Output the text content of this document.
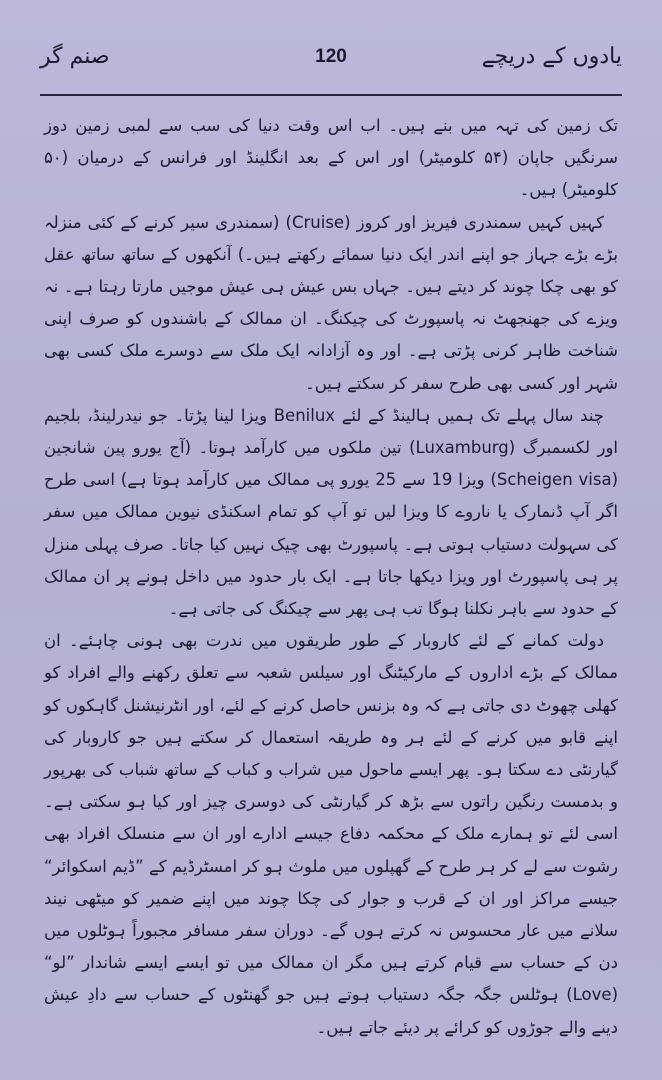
صنم گر	120	یادوں کے دریچے

تک زمین کی تہہ میں بنے ہیں۔ اب اس وقت دنیا کی سب سے لمبی زمین دوز سرنگیں جاپان (۵۴ کلومیٹر) اور اس کے بعد انگلینڈ اور فرانس کے درمیان (۵۰ کلومیٹر) ہیں۔

کہیں کہیں سمندری فیریز اور کروز (Cruise) (سمندری سیر کرنے کے کئی منزلہ بڑے بڑے جہاز جو اپنے اندر ایک دنیا سمائے رکھتے ہیں۔) آنکھوں کے ساتھ ساتھ عقل کو بھی چکا چوند کر دیتے ہیں۔ جہاں بس عیش ہی عیش موجیں مارتا رہتا ہے۔ نہ ویزے کی جھنجھٹ نہ پاسپورٹ کی چیکنگ۔ ان ممالک کے باشندوں کو صرف اپنی شناخت ظاہر کرنی پڑتی ہے۔ اور وہ آزادانہ ایک ملک سے دوسرے ملک کسی بھی شہر اور کسی بھی طرح سفر کر سکتے ہیں۔

چند سال پہلے تک ہمیں ہالینڈ کے لئے Benilux ویزا لینا پڑتا۔ جو نیدرلینڈ، بلجیم اور لکسمبرگ (Luxamburg) تین ملکوں میں کارآمد ہوتا۔ (آج یورو پین شانجین (Scheigen visa) ویزا 19 سے 25 یورو پی ممالک میں کارآمد ہوتا ہے) اسی طرح اگر آپ ڈنمارک یا ناروے کا ویزا لیں تو آپ کو تمام اسکنڈی نیوین ممالک میں سفر کی سہولت دستیاب ہوتی ہے۔ پاسپورٹ بھی چیک نہیں کیا جاتا۔ صرف پہلی منزل پر ہی پاسپورٹ اور ویزا دیکھا جاتا ہے۔ ایک بار حدود میں داخل ہونے پر ان ممالک کے حدود سے باہر نکلنا ہوگا تب ہی پھر سے چیکنگ کی جاتی ہے۔

دولت کمانے کے لئے کاروبار کے طور طریقوں میں ندرت بھی ہونی چاہئے۔ ان ممالک کے بڑے اداروں کے مارکیٹنگ اور سیلس شعبہ سے تعلق رکھنے والے افراد کو کھلی چھوٹ دی جاتی ہے کہ وہ بزنس حاصل کرنے کے لئے، اور انٹرنیشنل گاہکوں کو اپنے قابو میں کرنے کے لئے ہر وہ طریقہ استعمال کر سکتے ہیں جو کاروبار کی گیارنٹی دے سکتا ہو۔ پھر ایسے ماحول میں شراب و کباب کے ساتھ شباب کی بھرپور و بدمست رنگین راتوں سے بڑھ کر گیارنٹی کی دوسری چیز اور کیا ہو سکتی ہے۔ اسی لئے تو ہمارے ملک کے محکمہ دفاع جیسے ادارے اور ان سے منسلک افراد بھی رشوت سے لے کر ہر طرح کے گھپلوں میں ملوث ہو کر امسٹرڈیم کے ”ڈیم اسکوائر“ جیسے مراکز اور ان کے قرب و جوار کی چکا چوند میں اپنے ضمیر کو میٹھی نیند سلانے میں عار محسوس نہ کرتے ہوں گے۔ دوران سفر مسافر مجبوراً ہوٹلوں میں دن کے حساب سے قیام کرتے ہیں مگر ان ممالک میں تو ایسے ایسے شاندار ”لو“ (Love) ہوٹلس جگہ جگہ دستیاب ہوتے ہیں جو گھنٹوں کے حساب سے دادِ عیش دینے والے جوڑوں کو کرائے پر دیئے جاتے ہیں۔
